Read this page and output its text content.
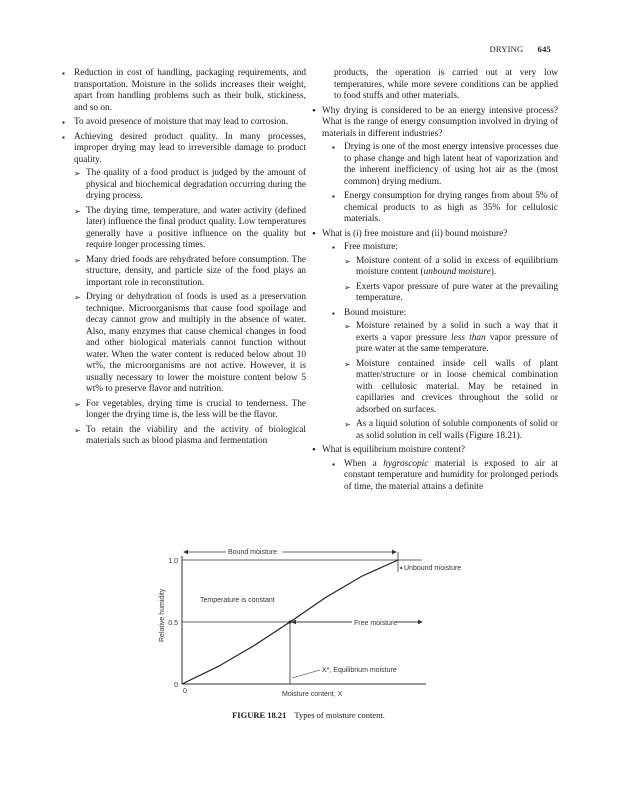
DRYING 645
▪ Reduction in cost of handling, packaging requirements, and transportation. Moisture in the solids increases their weight, apart from handling problems such as their bulk, stickiness, and so on.
▪ To avoid presence of moisture that may lead to corrosion.
▪ Achieving desired product quality. In many processes, improper drying may lead to irreversible damage to product quality.
➢ The quality of a food product is judged by the amount of physical and biochemical degradation occurring during the drying process.
➢ The drying time, temperature, and water activity (defined later) influence the final product quality. Low temperatures generally have a positive influence on the quality but require longer processing times.
➢ Many dried foods are rehydrated before consumption. The structure, density, and particle size of the food plays an important role in reconstitution.
➢ Drying or dehydration of foods is used as a preservation technique. Microorganisms that cause food spoilage and decay cannot grow and multiply in the absence of water. Also, many enzymes that cause chemical changes in food and other biological materials cannot function without water. When the water content is reduced below about 10 wt%, the microorganisms are not active. However, it is usually necessary to lower the moisture content below 5 wt% to preserve flavor and nutrition.
➢ For vegetables, drying time is crucial to tenderness. The longer the drying time is, the less will be the flavor.
➢ To retain the viability and the activity of biological materials such as blood plasma and fermentation
products, the operation is carried out at very low temperatures, while more severe conditions can be applied to food stuffs and other materials.
• Why drying is considered to be an energy intensive process? What is the range of energy consumption involved in drying of materials in different industries?
▪ Drying is one of the most energy intensive processes due to phase change and high latent heat of vaporization and the inherent inefficiency of using hot air as the (most common) drying medium.
▪ Energy consumption for drying ranges from about 5% of chemical products to as high as 35% for cellulosic materials.
• What is (i) free moisture and (ii) bound moisture?
▪ Free moisture:
➢ Moisture content of a solid in excess of equilibrium moisture content (unbound moisture).
➢ Exerts vapor pressure of pure water at the prevailing temperature.
▪ Bound moisture:
➢ Moisture retained by a solid in such a way that it exerts a vapor pressure less than vapor pressure of pure water at the same temperature.
➢ Moisture contained inside cell walls of plant matter/structure or in loose chemical combination with cellulosic material. May be retained in capillaries and crevices throughout the solid or adsorbed on surfaces.
➢ As a liquid solution of soluble components of solid or as solid solution in cell walls (Figure 18.21).
• What is equilibrium moisture content?
▪ When a hygroscopic material is exposed to air at constant temperature and humidity for prolonged periods of time, the material attains a definite
0
0.5
1.0
0	Moisture content, X
Relative humidity
Bound moisture
Unbound moisture
Temperature is constant
Free moisture
X*, Equilibrium moisture
FIGURE 18.21 Types of moisture content.
